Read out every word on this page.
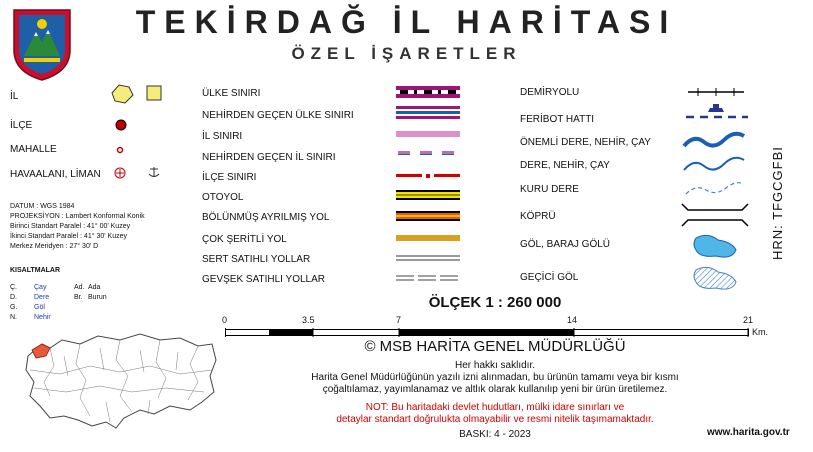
TEKİRDAĞ İL HARİTASI
ÖZEL İŞARETLER
İL
İLÇE
MAHALLE
HAVAALANI, LİMAN
DATUM : WGS 1984
PROJEKSİYON : Lambert Konformal Konik
Birinci Standart Paralel : 41° 00' Kuzey
İkinci Standart Paralel : 41° 30' Kuzey
Merkez Meridyen : 27° 30' D
KISALTMALAR
Ç. Çay	Ad. Ada
D. Dere	Br. Burun
G. Göl
N. Nehir
ÜLKE SINIRI
NEHİRDEN GEÇEN ÜLKE SINIRI
İL SINIRI
NEHİRDEN GEÇEN İL SINIRI
İLÇE SINIRI
OTOYOL
BÖLÜNMÜŞ AYRILMIŞ YOL
ÇOK ŞERİTLİ YOL
SERT SATIHLI YOLLAR
GEVŞEK SATIHLI YOLLAR
DEMİRYOLU
FERİBOT HATTI
ÖNEMLİ DERE, NEHİR, ÇAY
DERE, NEHİR, ÇAY
KURU DERE
KÖPRÜ
GÖL, BARAJ GÖLÜ
GEÇİCİ GÖL
HRN: TFGCGFBI
ÖLÇEK 1 : 260 000
0	3.5	7	14	21
Km.
© MSB HARİTA GENEL MÜDÜRLÜĞÜ
Her hakkı saklıdır.
Harita Genel Müdürlüğünün yazılı izni alınmadan, bu ürünün tamamı veya bir kısmı
çoğaltılamaz, yayımlanamaz ve altlık olarak kullanılıp yeni bir ürün üretilemez.
NOT: Bu haritadaki devlet hudutları, mülki idare sınırları ve
detaylar standart doğrulukta olmayabilir ve resmi nitelik taşımamaktadır.
BASKI: 4 - 2023	www.harita.gov.tr
